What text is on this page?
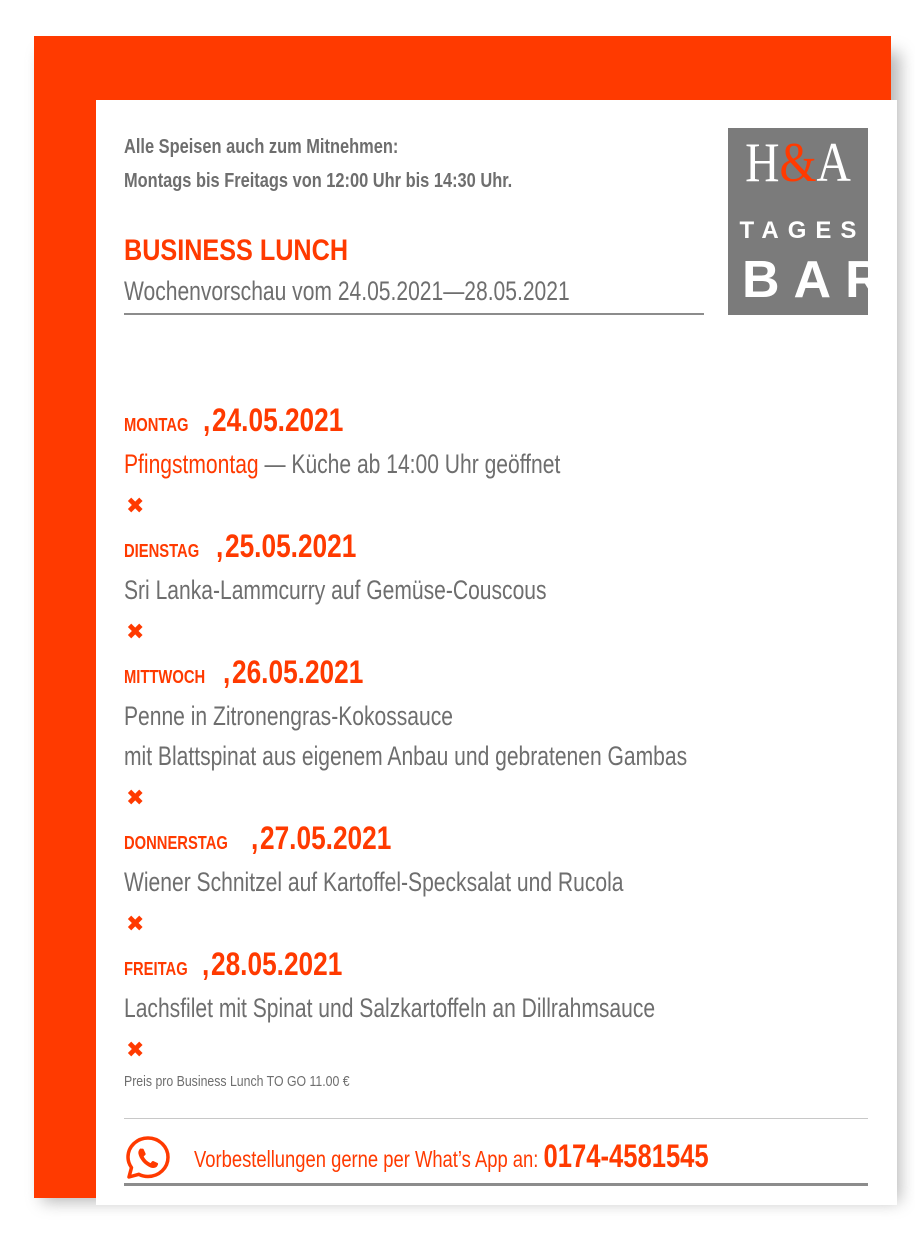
Alle Speisen auch zum Mitnehmen:
Montags bis Freitags von 12:00 Uhr bis 14:30 Uhr.
BUSINESS LUNCH
Wochenvorschau vom 24.05.2021—28.05.2021
H&A
TAGES
BAR
MONTAG ,24.05.2021
Pfingstmontag — Küche ab 14:00 Uhr geöffnet
✖
DIENSTAG ,25.05.2021
Sri Lanka-Lammcurry auf Gemüse-Couscous
✖
MITTWOCH ,26.05.2021
Penne in Zitronengras-Kokossauce
mit Blattspinat aus eigenem Anbau und gebratenen Gambas
✖
DONNERSTAG ,27.05.2021
Wiener Schnitzel auf Kartoffel-Specksalat und Rucola
✖
FREITAG ,28.05.2021
Lachsfilet mit Spinat und Salzkartoffeln an Dillrahmsauce
✖
Preis pro Business Lunch TO GO 11.00 €
Vorbestellungen gerne per What’s App an: 0174-4581545
